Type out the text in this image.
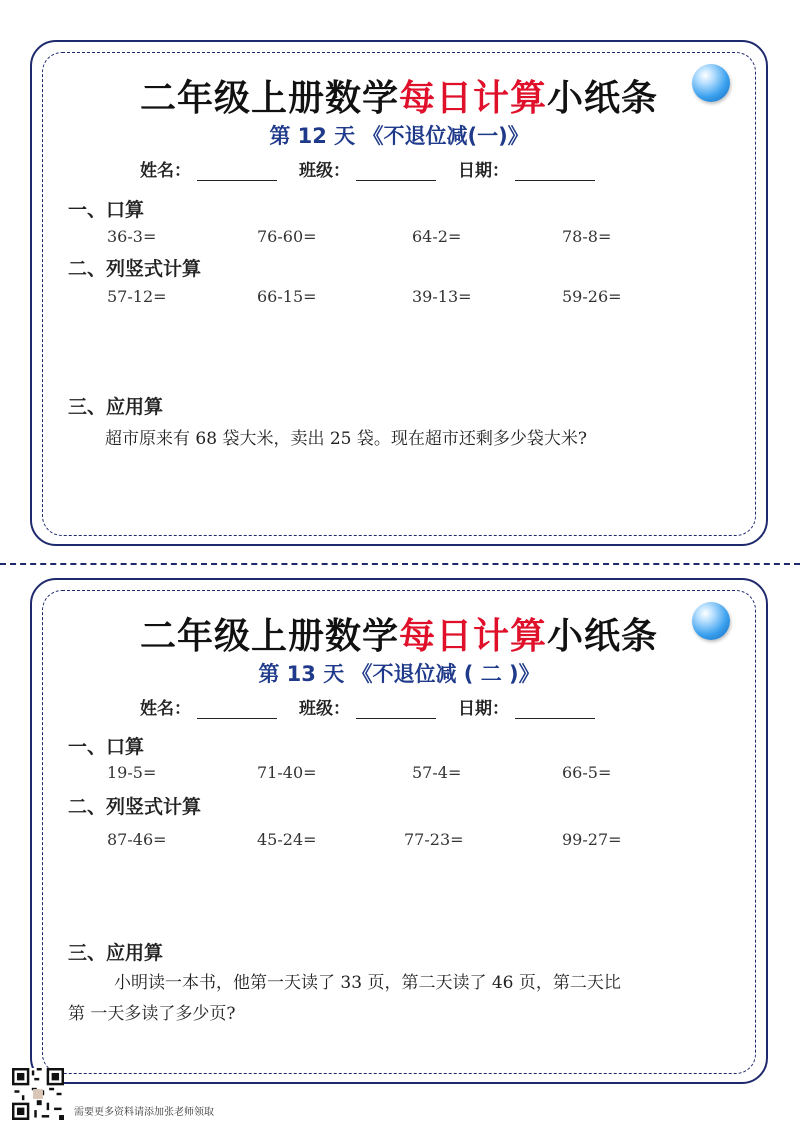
二年级上册数学每日计算小纸条
第 12 天 《不退位减(一)》
姓名：	班级：	日期：
一、口算
36-3=	76-60=	64-2=	78-8=
二、列竖式计算
57-12=	66-15=	39-13=	59-26=
三、应用算
超市原来有 68 袋大米，卖出 25 袋。现在超市还剩多少袋大米?
二年级上册数学每日计算小纸条
第 13 天 《不退位减 ( 二 )》
姓名：	班级：	日期：
一、口算
19-5=	71-40=	57-4=	66-5=
二、列竖式计算
87-46=	45-24=	77-23=	99-27=
三、应用算
小明读一本书，他第一天读了 33 页，第二天读了 46 页，第二天比
第 一天多读了多少页?
需要更多资料请添加张老师领取
